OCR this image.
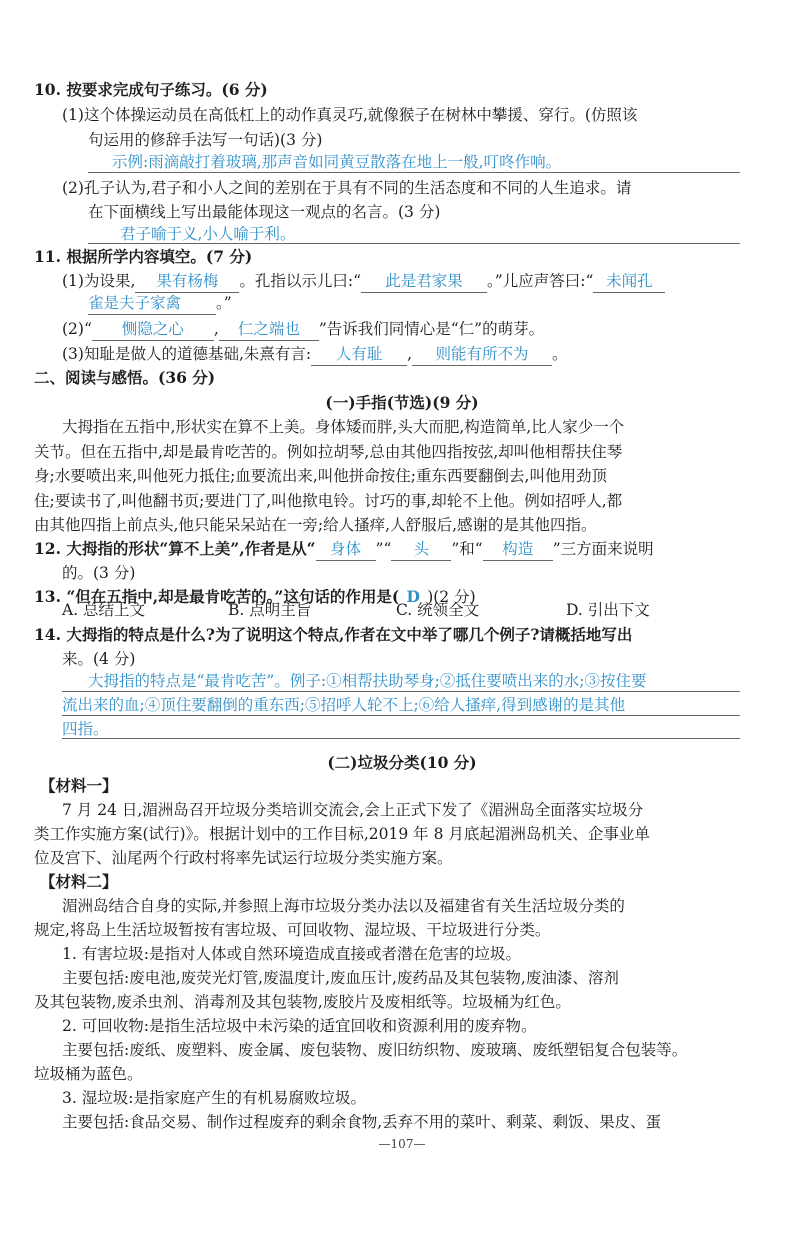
10. 按要求完成句子练习。(6 分)
(1)这个体操运动员在高低杠上的动作真灵巧,就像猴子在树林中攀援、穿行。(仿照该
句运用的修辞手法写一句话)(3 分)
示例:雨滴敲打着玻璃,那声音如同黄豆散落在地上一般,叮咚作响。
(2)孔子认为,君子和小人之间的差别在于具有不同的生活态度和不同的人生追求。请
在下面横线上写出最能体现这一观点的名言。(3 分)
君子喻于义,小人喻于利。
11. 根据所学内容填空。(7 分)
(1)为设果, 果有杨梅 。孔指以示儿曰:“ 此是君家果 。”儿应声答曰:“ 未闻孔
雀是夫子家禽 。”
(2)“ 恻隐之心 , 仁之端也 ”告诉我们同情心是“仁”的萌芽。
(3)知耻是做人的道德基础,朱熹有言: 人有耻 , 则能有所不为 。
二、阅读与感悟。(36 分)
(一)手指(节选)(9 分)
大拇指在五指中,形状实在算不上美。身体矮而胖,头大而肥,构造简单,比人家少一个
关节。但在五指中,却是最肯吃苦的。例如拉胡琴,总由其他四指按弦,却叫他相帮扶住琴
身;水要喷出来,叫他死力抵住;血要流出来,叫他拼命按住;重东西要翻倒去,叫他用劲顶
住;要读书了,叫他翻书页;要进门了,叫他揿电铃。讨巧的事,却轮不上他。例如招呼人,都
由其他四指上前点头,他只能呆呆站在一旁;给人搔痒,人舒服后,感谢的是其他四指。
12. 大拇指的形状“算不上美”,作者是从“ 身体 ”“ 头 ”和“ 构造 ”三方面来说明
的。(3 分)
13. “但在五指中,却是最肯吃苦的。”这句话的作用是( D )(2 分)
A. 总结上文	B. 点明主旨	C. 统领全文	D. 引出下文
14. 大拇指的特点是什么?为了说明这个特点,作者在文中举了哪几个例子?请概括地写出
来。(4 分)
大拇指的特点是“最肯吃苦”。例子:①相帮扶助琴身;②抵住要喷出来的水;③按住要
流出来的血;④顶住要翻倒的重东西;⑤招呼人轮不上;⑥给人搔痒,得到感谢的是其他
四指。
(二)垃圾分类(10 分)
【材料一】
7 月 24 日,湄洲岛召开垃圾分类培训交流会,会上正式下发了《湄洲岛全面落实垃圾分
类工作实施方案(试行)》。根据计划中的工作目标,2019 年 8 月底起湄洲岛机关、企事业单
位及宫下、汕尾两个行政村将率先试运行垃圾分类实施方案。
【材料二】
湄洲岛结合自身的实际,并参照上海市垃圾分类办法以及福建省有关生活垃圾分类的
规定,将岛上生活垃圾暂按有害垃圾、可回收物、湿垃圾、干垃圾进行分类。
1. 有害垃圾:是指对人体或自然环境造成直接或者潜在危害的垃圾。
主要包括:废电池,废荧光灯管,废温度计,废血压计,废药品及其包装物,废油漆、溶剂
及其包装物,废杀虫剂、消毒剂及其包装物,废胶片及废相纸等。垃圾桶为红色。
2. 可回收物:是指生活垃圾中未污染的适宜回收和资源利用的废弃物。
主要包括:废纸、废塑料、废金属、废包装物、废旧纺织物、废玻璃、废纸塑铝复合包装等。
垃圾桶为蓝色。
3. 湿垃圾:是指家庭产生的有机易腐败垃圾。
主要包括:食品交易、制作过程废弃的剩余食物,丢弃不用的菜叶、剩菜、剩饭、果皮、蛋
—107—
